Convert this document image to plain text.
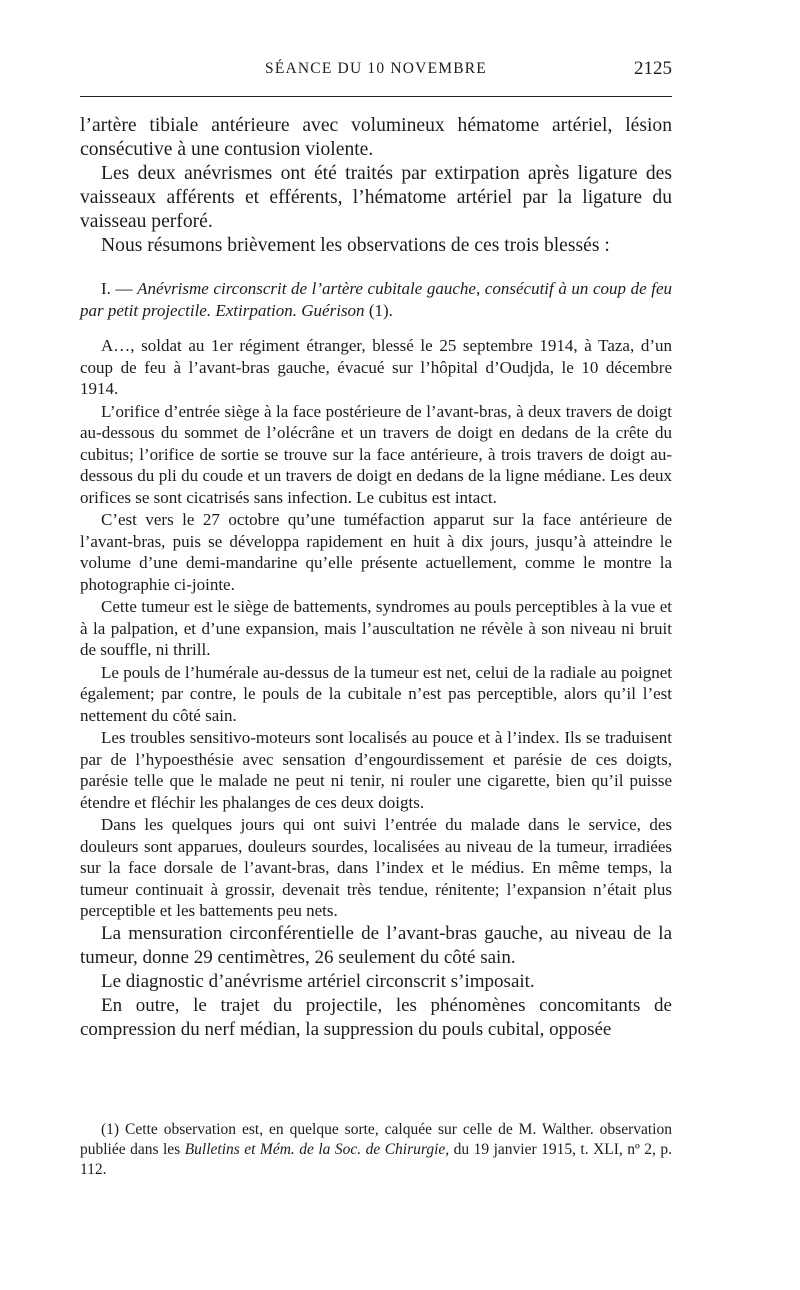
SÉANCE DU 10 NOVEMBRE	2125

l’artère tibiale antérieure avec volumineux hématome artériel, lésion consécutive à une contusion violente.

Les deux anévrismes ont été traités par extirpation après ligature des vaisseaux afférents et efférents, l’hématome artériel par la ligature du vaisseau perforé.

Nous résumons brièvement les observations de ces trois blessés :

I. — Anévrisme circonscrit de l’artère cubitale gauche, consécutif à un coup de feu par petit projectile. Extirpation. Guérison (1).

A…, soldat au 1er régiment étranger, blessé le 25 septembre 1914, à Taza, d’un coup de feu à l’avant-bras gauche, évacué sur l’hôpital d’Oudjda, le 10 décembre 1914.

L’orifice d’entrée siège à la face postérieure de l’avant-bras, à deux travers de doigt au-dessous du sommet de l’olécrâne et un travers de doigt en dedans de la crête du cubitus; l’orifice de sortie se trouve sur la face antérieure, à trois travers de doigt au-dessous du pli du coude et un travers de doigt en dedans de la ligne médiane. Les deux orifices se sont cicatrisés sans infection. Le cubitus est intact.

C’est vers le 27 octobre qu’une tuméfaction apparut sur la face antérieure de l’avant-bras, puis se développa rapidement en huit à dix jours, jusqu’à atteindre le volume d’une demi-mandarine qu’elle présente actuellement, comme le montre la photographie ci-jointe.

Cette tumeur est le siège de battements, syndromes au pouls perceptibles à la vue et à la palpation, et d’une expansion, mais l’auscultation ne révèle à son niveau ni bruit de souffle, ni thrill.

Le pouls de l’humérale au-dessus de la tumeur est net, celui de la radiale au poignet également; par contre, le pouls de la cubitale n’est pas perceptible, alors qu’il l’est nettement du côté sain.

Les troubles sensitivo-moteurs sont localisés au pouce et à l’index. Ils se traduisent par de l’hypoesthésie avec sensation d’engourdissement et parésie de ces doigts, parésie telle que le malade ne peut ni tenir, ni rouler une cigarette, bien qu’il puisse étendre et fléchir les phalanges de ces deux doigts.

Dans les quelques jours qui ont suivi l’entrée du malade dans le service, des douleurs sont apparues, douleurs sourdes, localisées au niveau de la tumeur, irradiées sur la face dorsale de l’avant-bras, dans l’index et le médius. En même temps, la tumeur continuait à grossir, devenait très tendue, rénitente; l’expansion n’était plus perceptible et les battements peu nets.

La mensuration circonférentielle de l’avant-bras gauche, au niveau de la tumeur, donne 29 centimètres, 26 seulement du côté sain.

Le diagnostic d’anévrisme artériel circonscrit s’imposait.

En outre, le trajet du projectile, les phénomènes concomitants de compression du nerf médian, la suppression du pouls cubital, opposée

(1) Cette observation est, en quelque sorte, calquée sur celle de M. Walther. observation publiée dans les Bulletins et Mém. de la Soc. de Chirurgie, du 19 janvier 1915, t. XLI, nº 2, p. 112.
